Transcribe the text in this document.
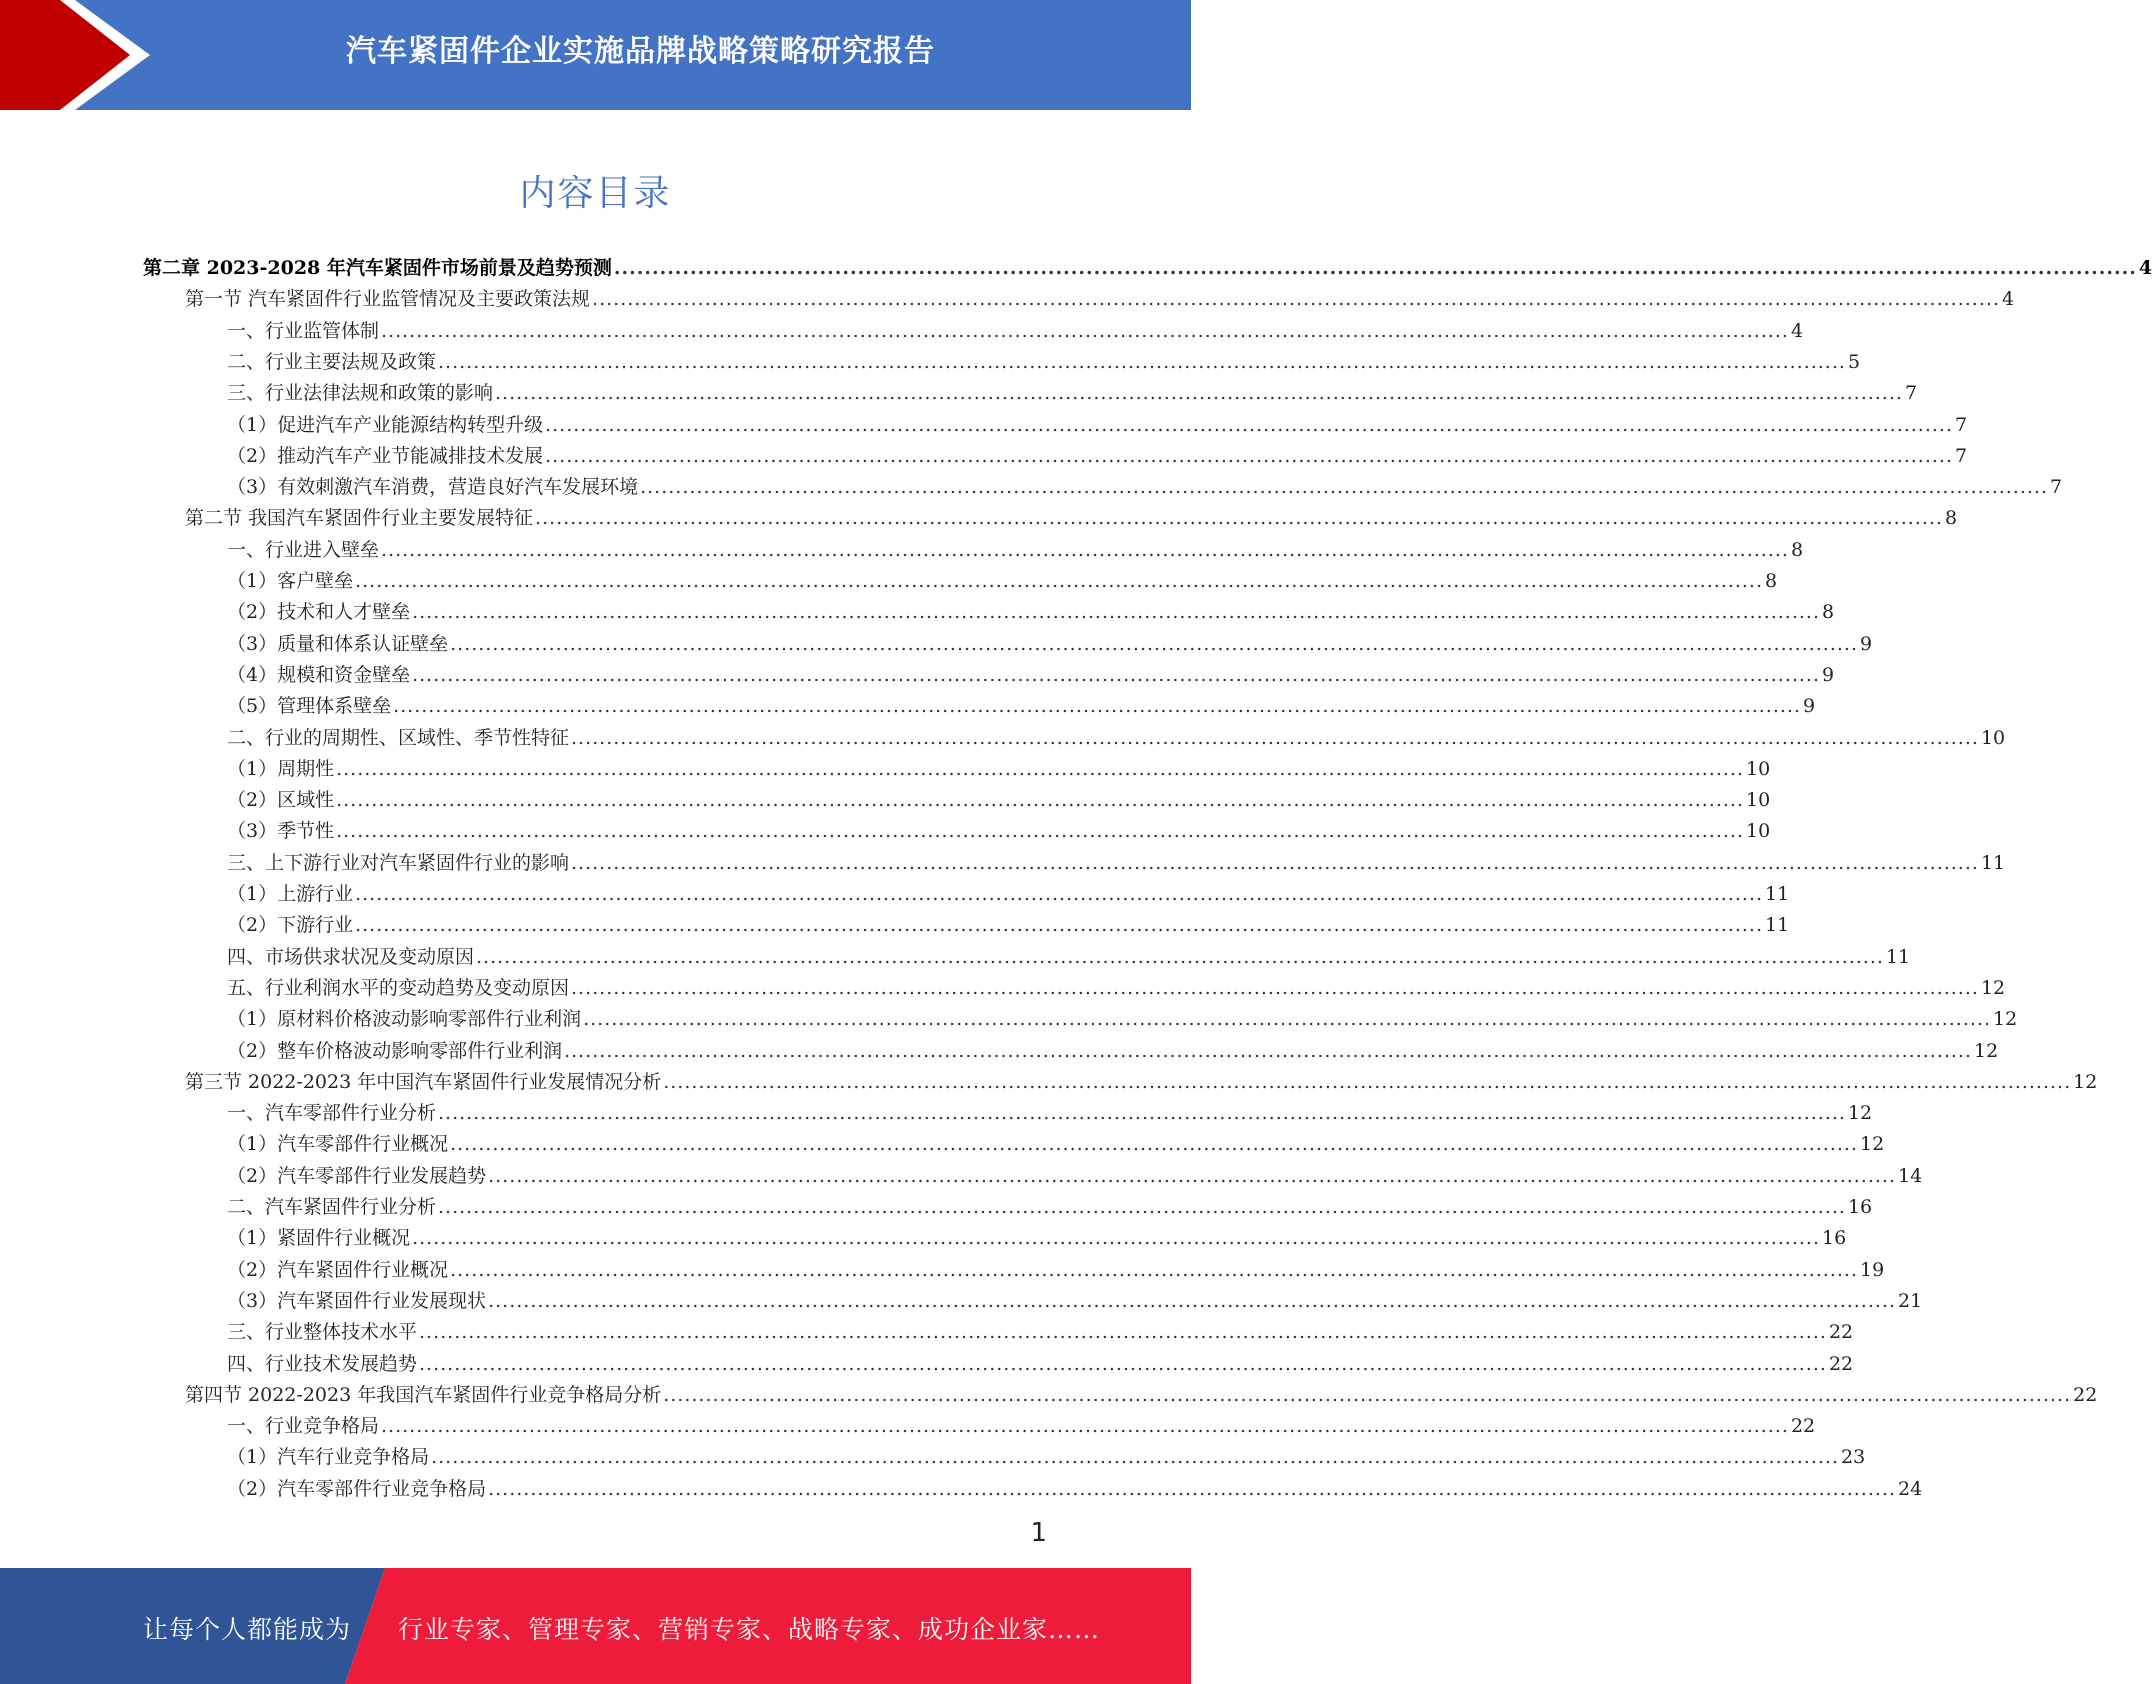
汽车紧固件企业实施品牌战略策略研究报告
内容目录
第二章 2023-2028 年汽车紧固件市场前景及趋势预测 ........................................................................................................................................................................................................ 4
第一节 汽车紧固件行业监管情况及主要政策法规 ........................................................................................................................................................................................................ 4
一、行业监管体制 ........................................................................................................................................................................................................ 4
二、行业主要法规及政策 ........................................................................................................................................................................................................ 5
三、行业法律法规和政策的影响 ........................................................................................................................................................................................................ 7
（1）促进汽车产业能源结构转型升级 ........................................................................................................................................................................................................ 7
（2）推动汽车产业节能减排技术发展 ........................................................................................................................................................................................................ 7
（3）有效刺激汽车消费，营造良好汽车发展环境 ........................................................................................................................................................................................................ 7
第二节 我国汽车紧固件行业主要发展特征 ........................................................................................................................................................................................................ 8
一、行业进入壁垒 ........................................................................................................................................................................................................ 8
（1）客户壁垒 ........................................................................................................................................................................................................ 8
（2）技术和人才壁垒 ........................................................................................................................................................................................................ 8
（3）质量和体系认证壁垒 ........................................................................................................................................................................................................ 9
（4）规模和资金壁垒 ........................................................................................................................................................................................................ 9
（5）管理体系壁垒 ........................................................................................................................................................................................................ 9
二、行业的周期性、区域性、季节性特征 ........................................................................................................................................................................................................ 10
（1）周期性 ........................................................................................................................................................................................................ 10
（2）区域性 ........................................................................................................................................................................................................ 10
（3）季节性 ........................................................................................................................................................................................................ 10
三、上下游行业对汽车紧固件行业的影响 ........................................................................................................................................................................................................ 11
（1）上游行业 ........................................................................................................................................................................................................ 11
（2）下游行业 ........................................................................................................................................................................................................ 11
四、市场供求状况及变动原因 ........................................................................................................................................................................................................ 11
五、行业利润水平的变动趋势及变动原因 ........................................................................................................................................................................................................ 12
（1）原材料价格波动影响零部件行业利润 ........................................................................................................................................................................................................ 12
（2）整车价格波动影响零部件行业利润 ........................................................................................................................................................................................................ 12
第三节 2022-2023 年中国汽车紧固件行业发展情况分析 ........................................................................................................................................................................................................ 12
一、汽车零部件行业分析 ........................................................................................................................................................................................................ 12
（1）汽车零部件行业概况 ........................................................................................................................................................................................................ 12
（2）汽车零部件行业发展趋势 ........................................................................................................................................................................................................ 14
二、汽车紧固件行业分析 ........................................................................................................................................................................................................ 16
（1）紧固件行业概况 ........................................................................................................................................................................................................ 16
（2）汽车紧固件行业概况 ........................................................................................................................................................................................................ 19
（3）汽车紧固件行业发展现状 ........................................................................................................................................................................................................ 21
三、行业整体技术水平 ........................................................................................................................................................................................................ 22
四、行业技术发展趋势 ........................................................................................................................................................................................................ 22
第四节 2022-2023 年我国汽车紧固件行业竞争格局分析 ........................................................................................................................................................................................................ 22
一、行业竞争格局 ........................................................................................................................................................................................................ 22
（1）汽车行业竞争格局 ........................................................................................................................................................................................................ 23
（2）汽车零部件行业竞争格局 ........................................................................................................................................................................................................ 24
1
让每个人都能成为 行业专家、管理专家、营销专家、战略专家、成功企业家……
